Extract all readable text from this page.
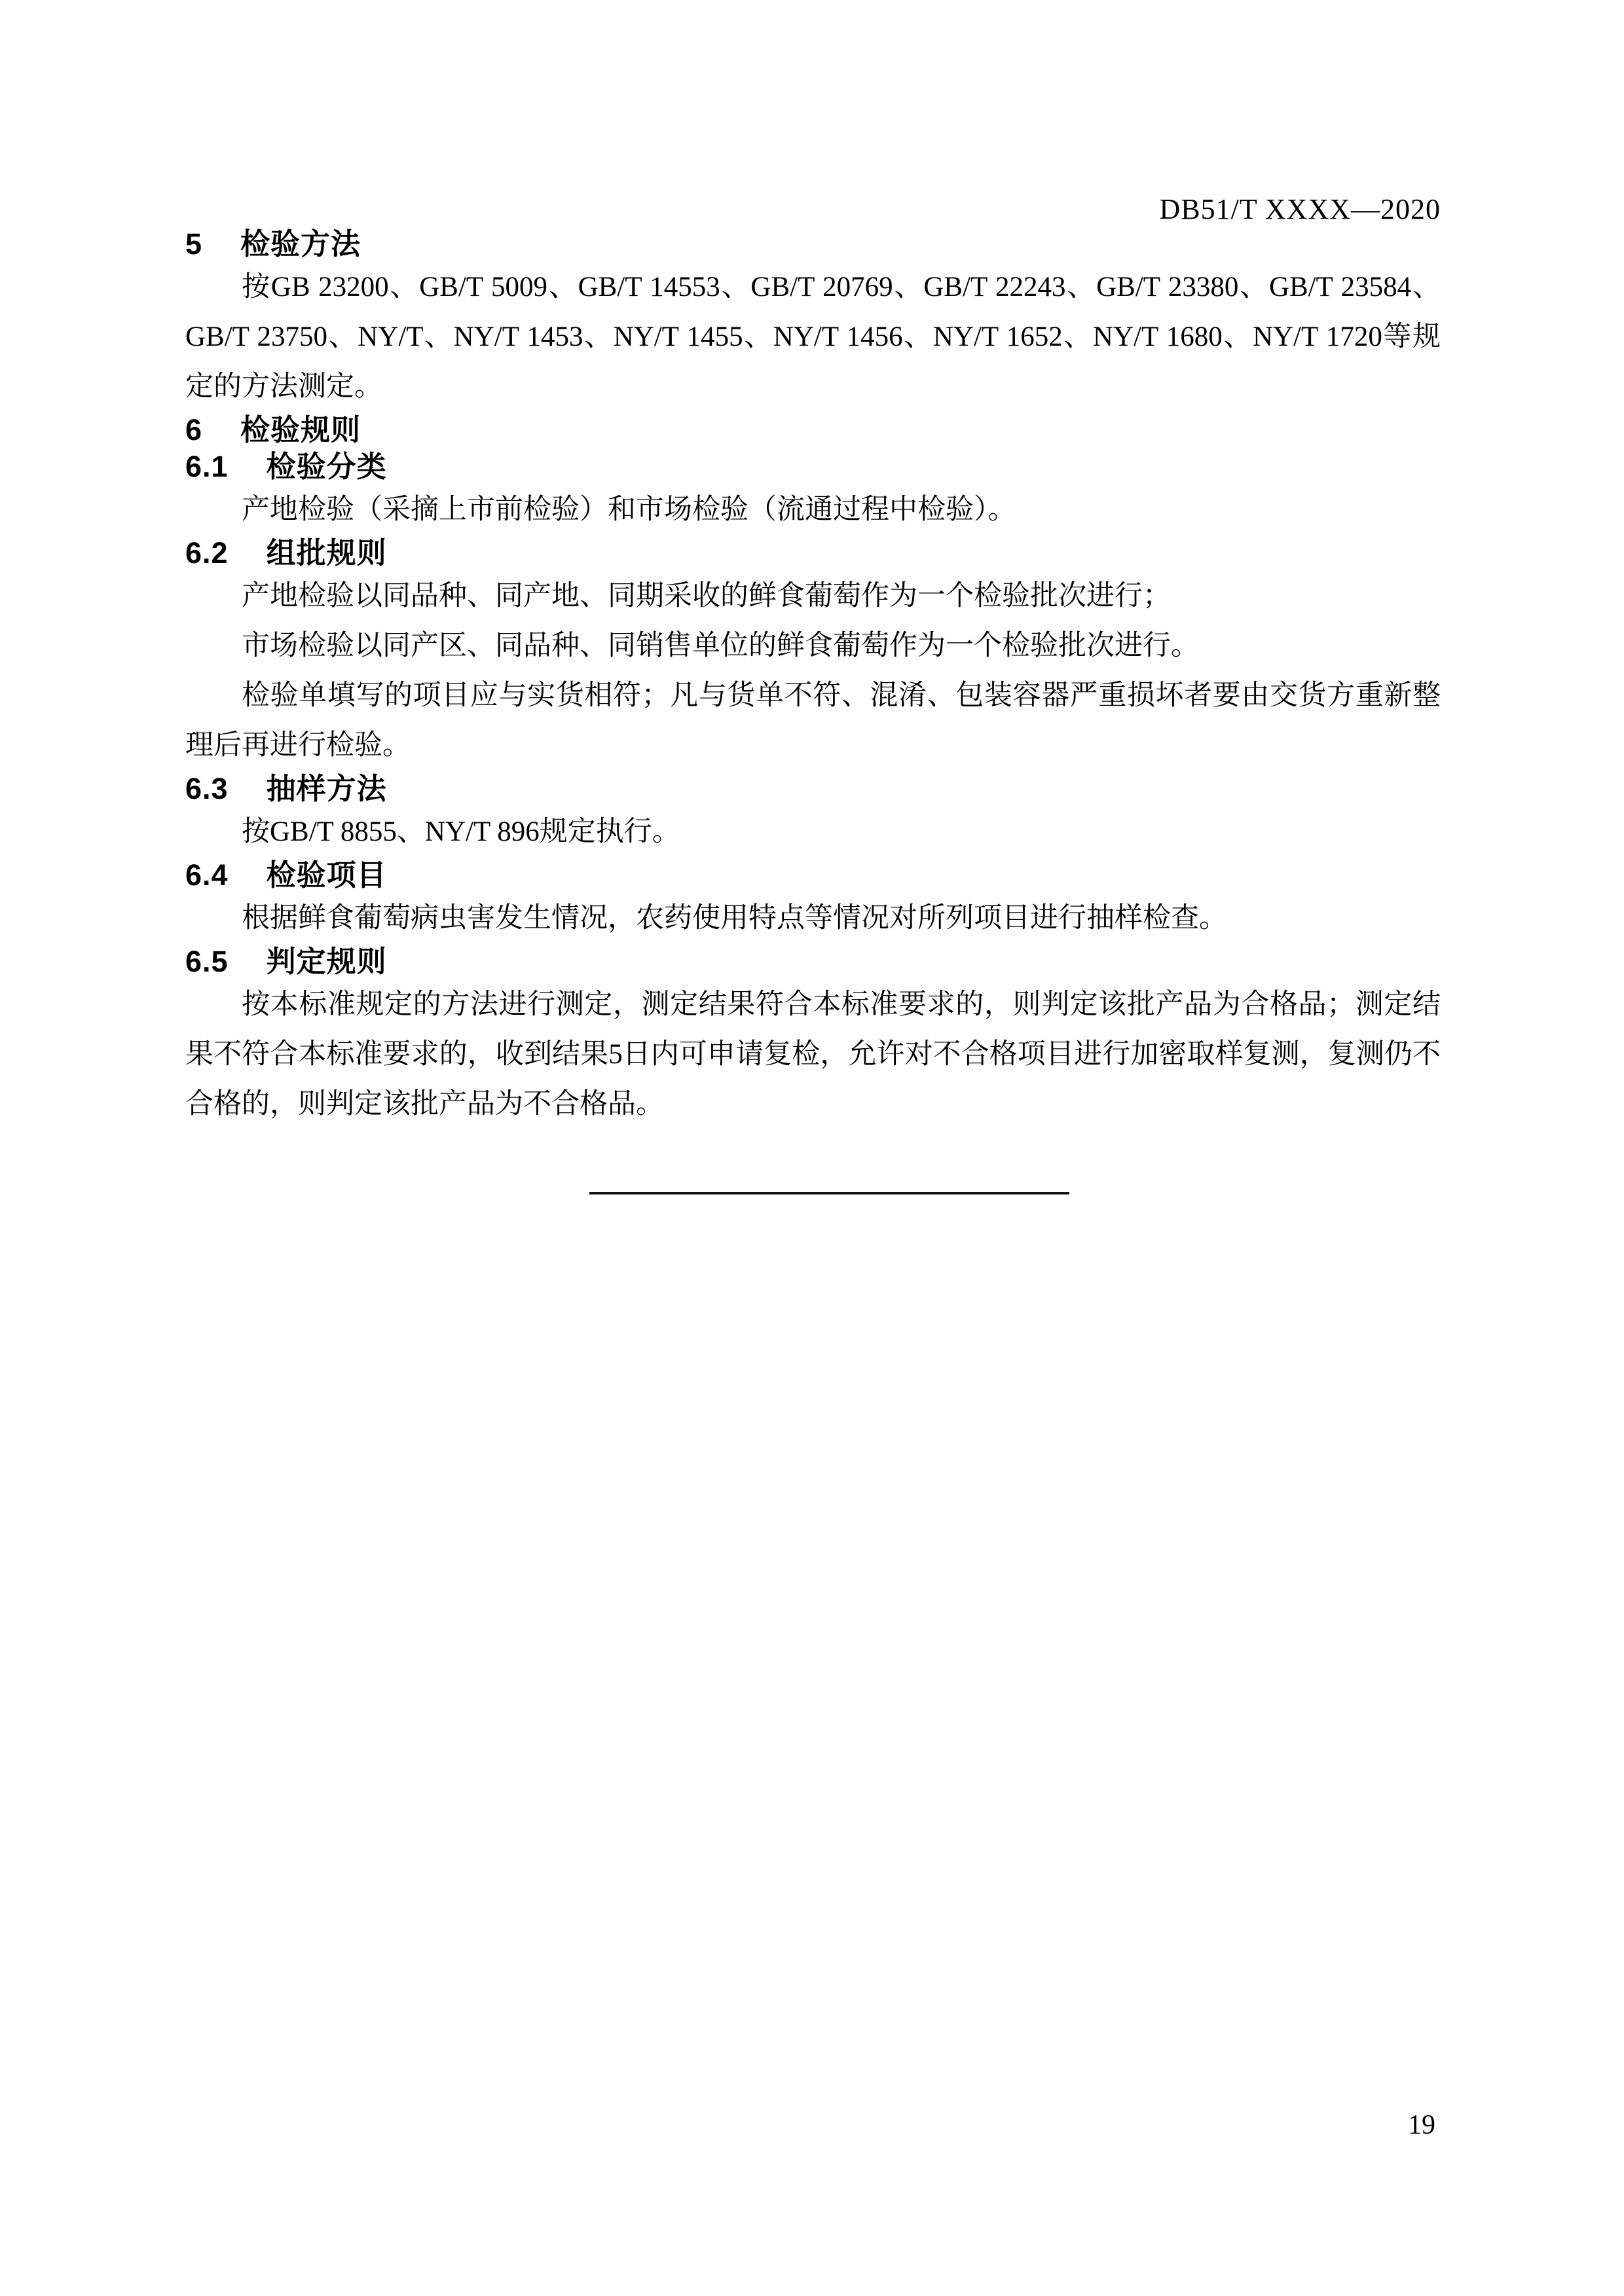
DB51/T XXXX—2020
5 检验方法

按GB 23200、GB/T 5009、GB/T 14553、GB/T 20769、GB/T 22243、GB/T 23380、GB/T 23584、GB/T 23750、NY/T、NY/T 1453、NY/T 1455、NY/T 1456、NY/T 1652、NY/T 1680、NY/T 1720等规定的方法测定。

6 检验规则
6.1 检验分类

产地检验（采摘上市前检验）和市场检验（流通过程中检验）。

6.2 组批规则

产地检验以同品种、同产地、同期采收的鲜食葡萄作为一个检验批次进行；

市场检验以同产区、同品种、同销售单位的鲜食葡萄作为一个检验批次进行。

检验单填写的项目应与实货相符；凡与货单不符、混淆、包装容器严重损坏者要由交货方重新整理后再进行检验。

6.3 抽样方法

按GB/T 8855、NY/T 896规定执行。

6.4 检验项目

根据鲜食葡萄病虫害发生情况，农药使用特点等情况对所列项目进行抽样检查。

6.5 判定规则

按本标准规定的方法进行测定，测定结果符合本标准要求的，则判定该批产品为合格品；测定结果不符合本标准要求的，收到结果5日内可申请复检，允许对不合格项目进行加密取样复测，复测仍不合格的，则判定该批产品为不合格品。

19
